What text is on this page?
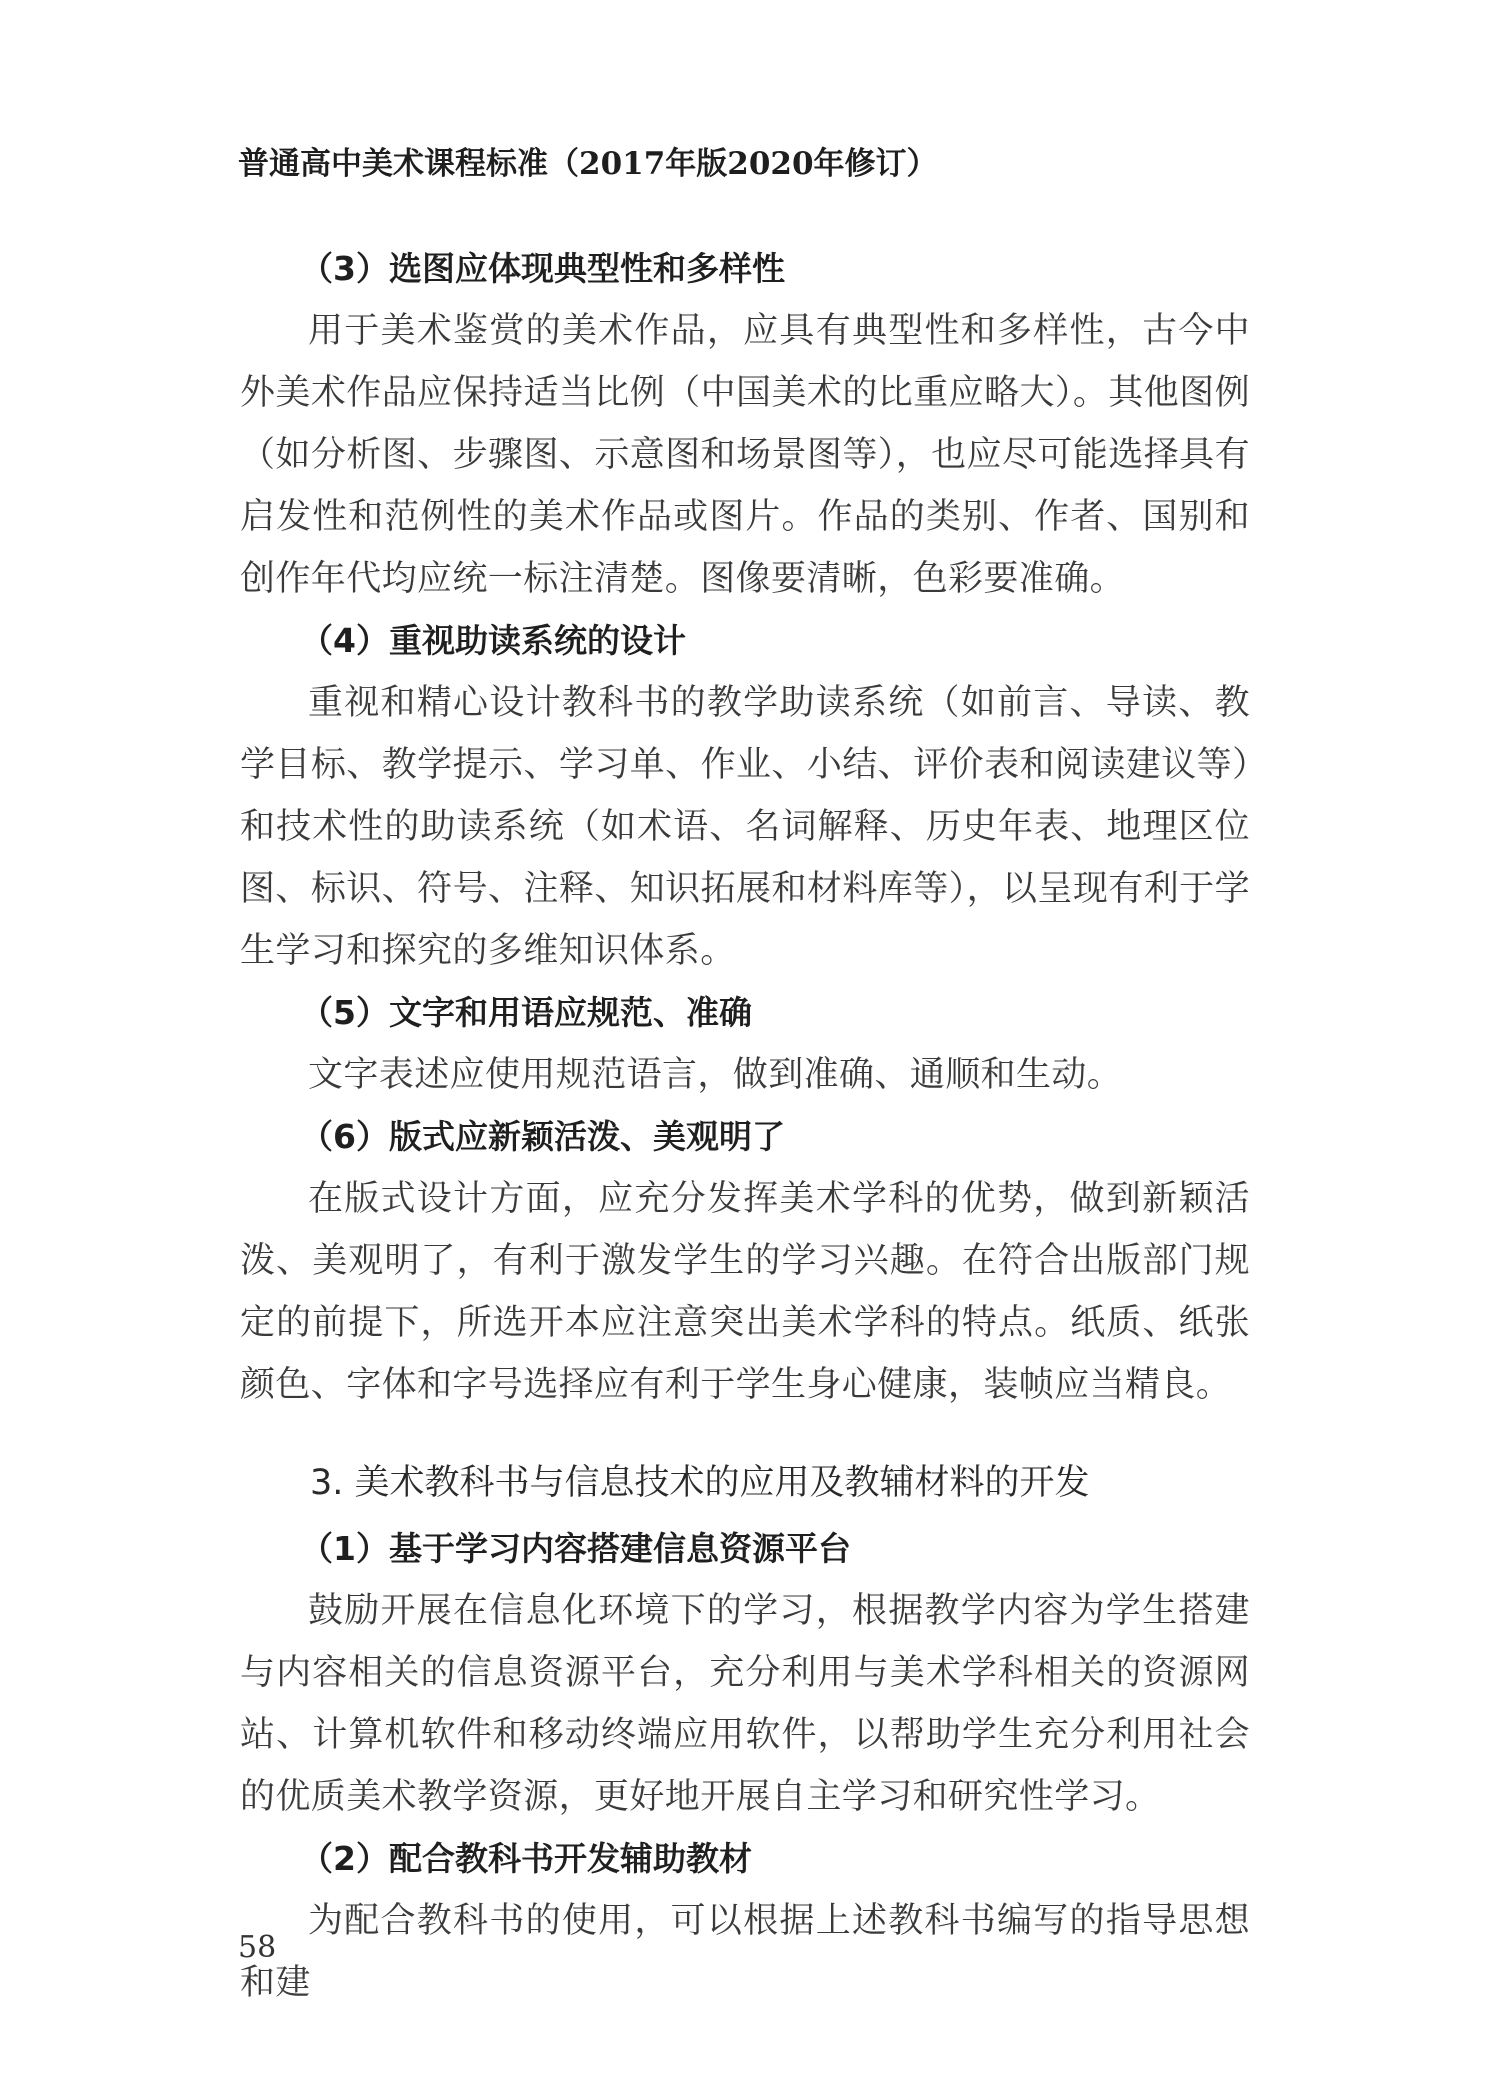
普通高中美术课程标准（2017年版2020年修订）

（3）选图应体现典型性和多样性

用于美术鉴赏的美术作品，应具有典型性和多样性，古今中外美术作品应保持适当比例（中国美术的比重应略大）。其他图例（如分析图、步骤图、示意图和场景图等），也应尽可能选择具有启发性和范例性的美术作品或图片。作品的类别、作者、国别和创作年代均应统一标注清楚。图像要清晰，色彩要准确。

（4）重视助读系统的设计

重视和精心设计教科书的教学助读系统（如前言、导读、教学目标、教学提示、学习单、作业、小结、评价表和阅读建议等）和技术性的助读系统（如术语、名词解释、历史年表、地理区位图、标识、符号、注释、知识拓展和材料库等），以呈现有利于学生学习和探究的多维知识体系。

（5）文字和用语应规范、准确

文字表述应使用规范语言，做到准确、通顺和生动。

（6）版式应新颖活泼、美观明了

在版式设计方面，应充分发挥美术学科的优势，做到新颖活泼、美观明了，有利于激发学生的学习兴趣。在符合出版部门规定的前提下，所选开本应注意突出美术学科的特点。纸质、纸张颜色、字体和字号选择应有利于学生身心健康，装帧应当精良。

3. 美术教科书与信息技术的应用及教辅材料的开发

（1）基于学习内容搭建信息资源平台

鼓励开展在信息化环境下的学习，根据教学内容为学生搭建与内容相关的信息资源平台，充分利用与美术学科相关的资源网站、计算机软件和移动终端应用软件，以帮助学生充分利用社会的优质美术教学资源，更好地开展自主学习和研究性学习。

（2）配合教科书开发辅助教材

为配合教科书的使用，可以根据上述教科书编写的指导思想和建

58
